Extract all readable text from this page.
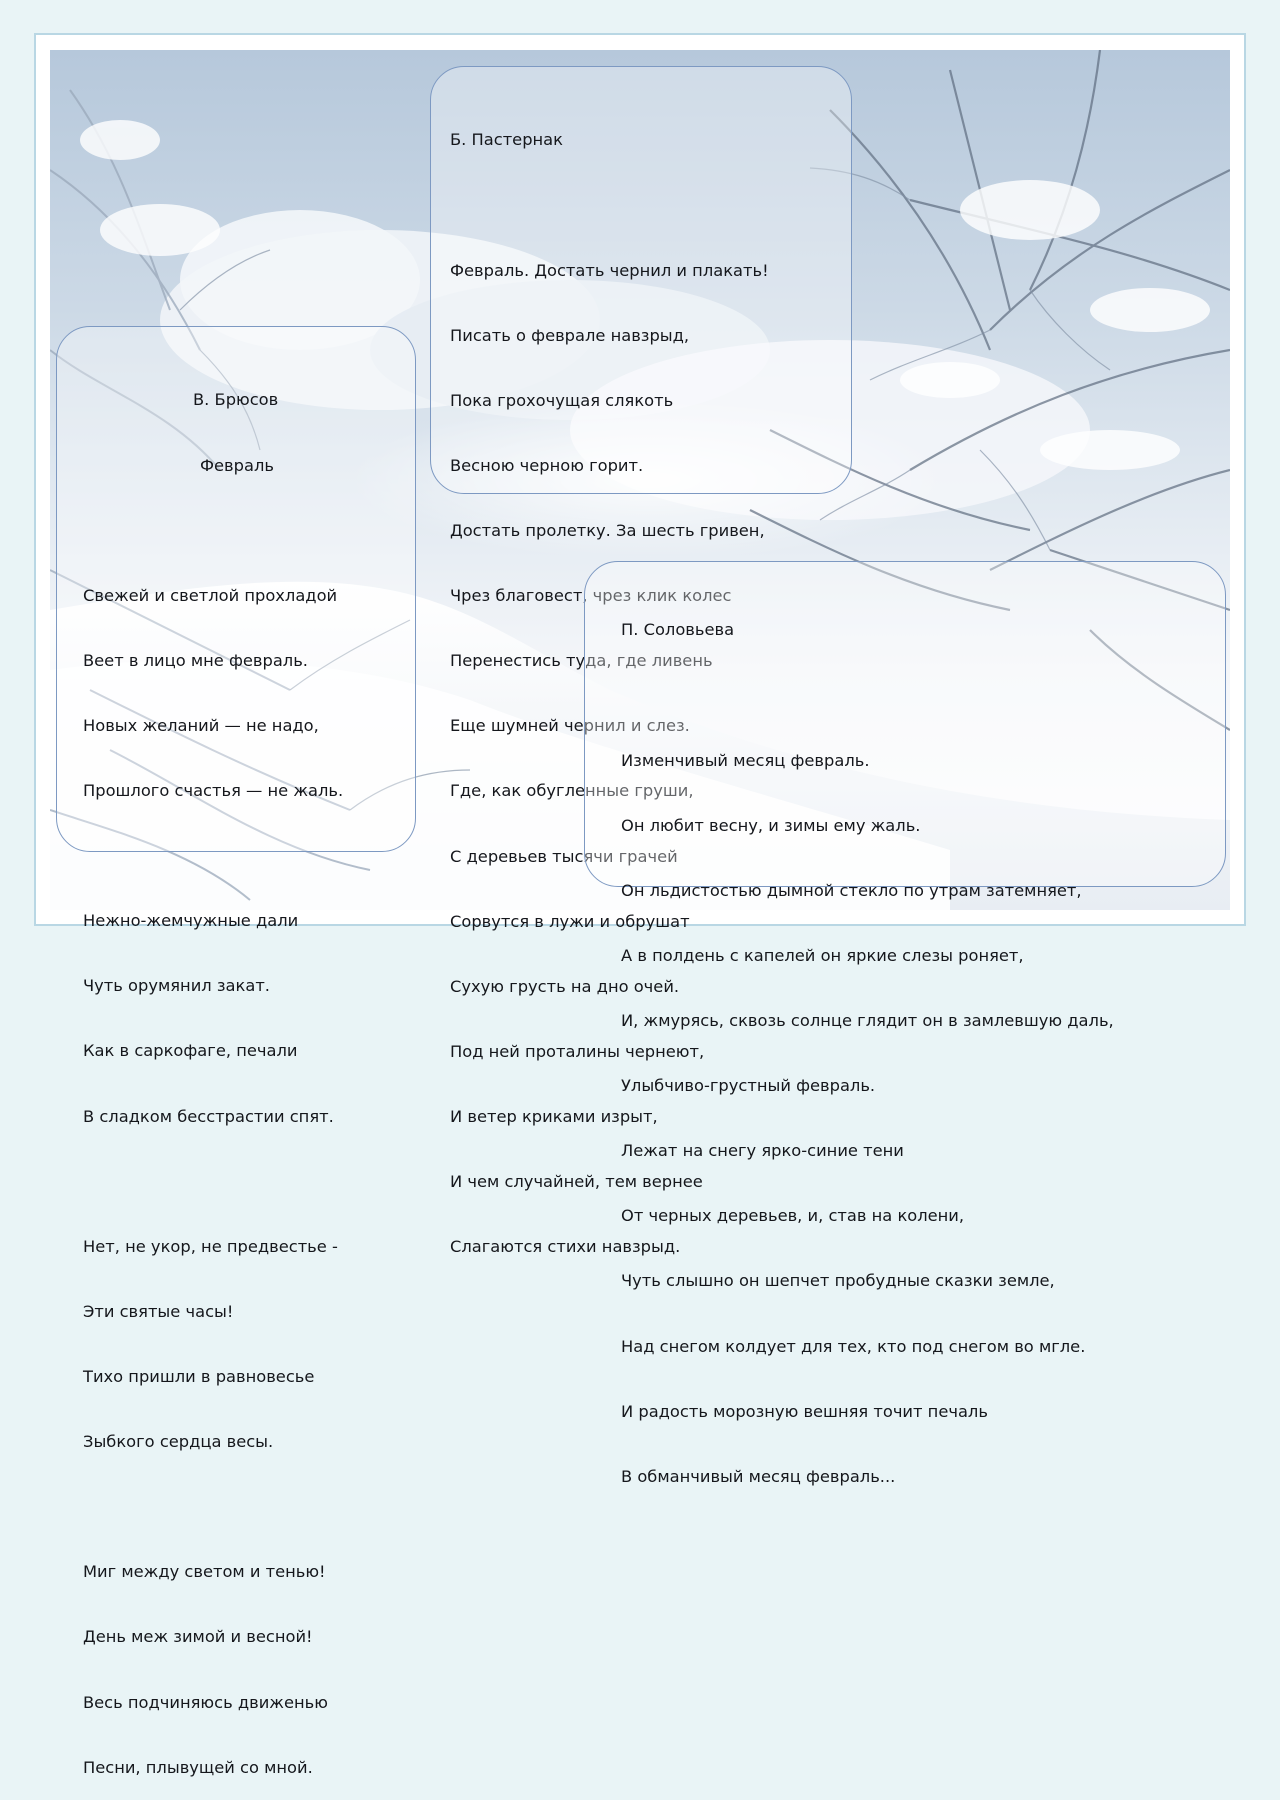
Б. Пастернак

Февраль. Достать чернил и плакать!

Писать о феврале навзрыд,

Пока грохочущая слякоть

Весною черною горит.

Достать пролетку. За шесть гривен,

Чрез благовест, чрез клик колес

Перенестись туда, где ливень

Еще шумней чернил и слез.

Где, как обугленные груши,

С деревьев тысячи грачей

Сорвутся в лужи и обрушат

Сухую грусть на дно очей.

Под ней проталины чернеют,

И ветер криками изрыт,

И чем случайней, тем вернее

Слагаются стихи навзрыд.

В. Брюсов

Февраль

Свежей и светлой прохладой

Веет в лицо мне февраль.

Новых желаний — не надо,

Прошлого счастья — не жаль.

Нежно-жемчужные дали

Чуть орумянил закат.

Как в саркофаге, печали

В сладком бесстрастии спят.

Нет, не укор, не предвестье -

Эти святые часы!

Тихо пришли в равновесье

Зыбкого сердца весы.

Миг между светом и тенью!

День меж зимой и весной!

Весь подчиняюсь движенью

Песни, плывущей со мной.

П. Соловьева

Изменчивый месяц февраль.

Он любит весну, и зимы ему жаль.

Он льдистостью дымной стекло по утрам затемняет,

А в полдень с капелей он яркие слезы роняет,

И, жмурясь, сквозь солнце глядит он в замлевшую даль,

Улыбчиво-грустный февраль.

Лежат на снегу ярко-синие тени

От черных деревьев, и, став на колени,

Чуть слышно он шепчет пробудные сказки земле,

Над снегом колдует для тех, кто под снегом во мгле.

И радость морозную вешняя точит печаль

В обманчивый месяц февраль...
